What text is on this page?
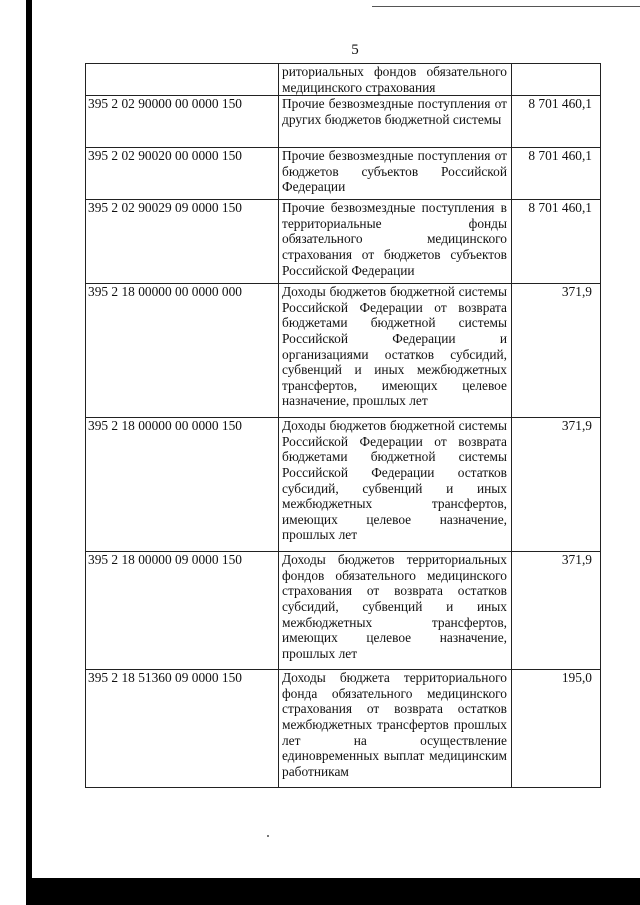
5
	риториальных фондов обязательного медицинского страхования	
395 2 02 90000 00 0000 150	Прочие безвозмездные поступления от других бюджетов бюджетной системы	8 701 460,1
395 2 02 90020 00 0000 150	Прочие безвозмездные поступления от бюджетов субъектов Российской Федерации	8 701 460,1
395 2 02 90029 09 0000 150	Прочие безвозмездные поступления в территориальные фонды обязательного медицинского страхования от бюджетов субъектов Российской Федерации	8 701 460,1
395 2 18 00000 00 0000 000	Доходы бюджетов бюджетной системы Российской Федерации от возврата бюджетами бюджетной системы Российской Федерации и организациями остатков субсидий, субвенций и иных межбюджетных трансфертов, имеющих целевое назначение, прошлых лет	371,9
395 2 18 00000 00 0000 150	Доходы бюджетов бюджетной системы Российской Федерации от возврата бюджетами бюджетной системы Российской Федерации остатков субсидий, субвенций и иных межбюджетных трансфертов, имеющих целевое назначение, прошлых лет	371,9
395 2 18 00000 09 0000 150	Доходы бюджетов территориальных фондов обязательного медицинского страхования от возврата остатков субсидий, субвенций и иных межбюджетных трансфертов, имеющих целевое назначение, прошлых лет	371,9
395 2 18 51360 09 0000 150	Доходы бюджета территориального фонда обязательного медицинского страхования от возврата остатков межбюджетных трансфертов прошлых лет на осуществление единовременных выплат медицинским работникам	195,0
